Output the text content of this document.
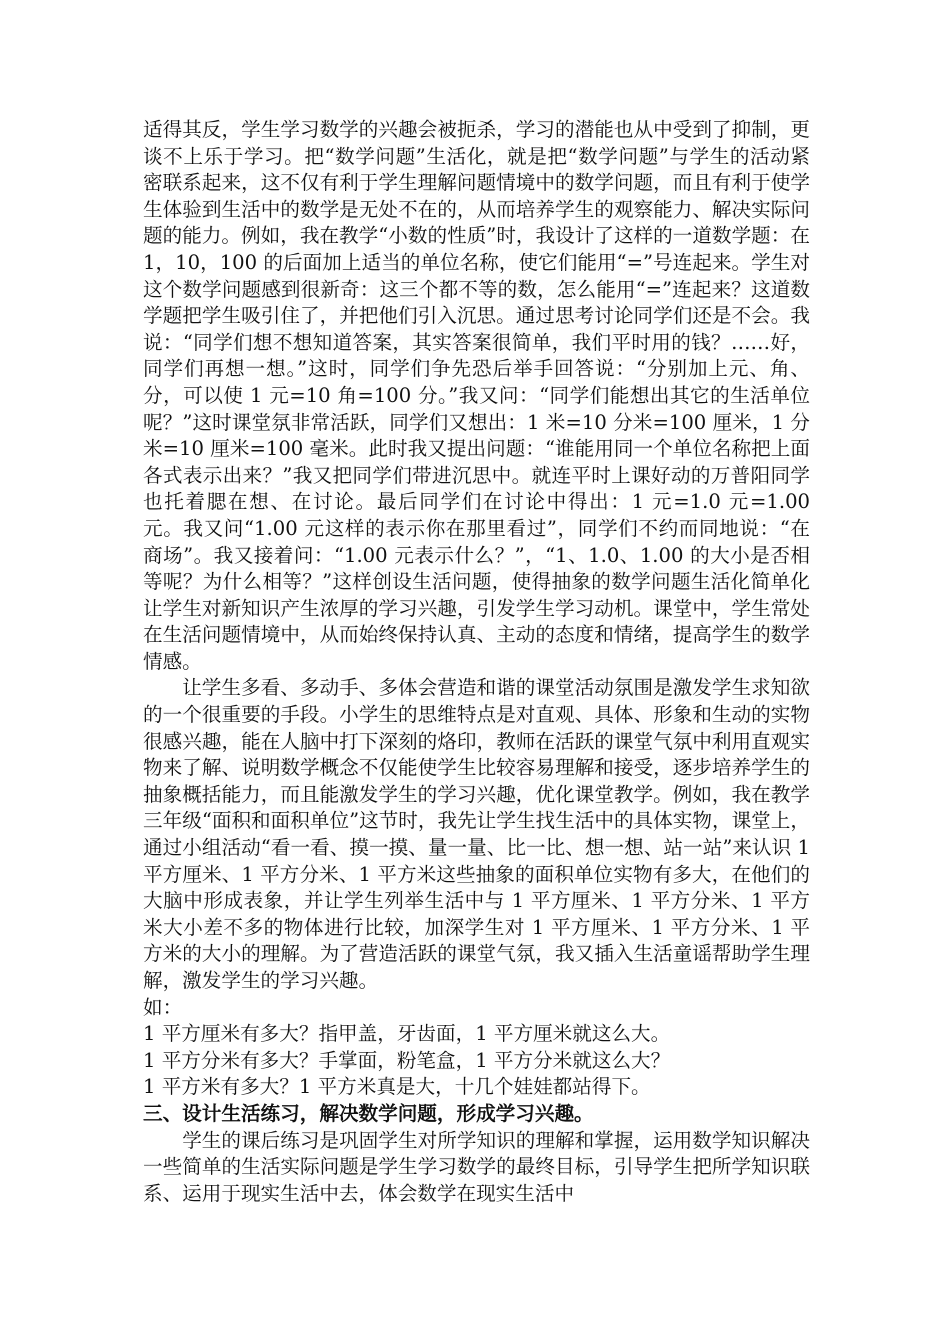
适得其反，学生学习数学的兴趣会被扼杀，学习的潜能也从中受到了抑制，更谈不上乐于学习。把“数学问题”生活化，就是把“数学问题”与学生的活动紧密联系起来，这不仅有利于学生理解问题情境中的数学问题，而且有利于使学生体验到生活中的数学是无处不在的，从而培养学生的观察能力、解决实际问题的能力。例如，我在教学“小数的性质”时，我设计了这样的一道数学题：在 1，10，100 的后面加上适当的单位名称，使它们能用“=”号连起来。学生对这个数学问题感到很新奇：这三个都不等的数，怎么能用“=”连起来？这道数学题把学生吸引住了，并把他们引入沉思。通过思考讨论同学们还是不会。我说：“同学们想不想知道答案，其实答案很简单，我们平时用的钱？……好，同学们再想一想。”这时，同学们争先恐后举手回答说：“分别加上元、角、分，可以使 1 元=10 角=100 分。”我又问：“同学们能想出其它的生活单位呢？”这时课堂氛非常活跃，同学们又想出：1 米=10 分米=100 厘米，1 分米=10 厘米=100 毫米。此时我又提出问题：“谁能用同一个单位名称把上面各式表示出来？”我又把同学们带进沉思中。就连平时上课好动的万普阳同学也托着腮在想、在讨论。最后同学们在讨论中得出：1 元=1.0 元=1.00 元。我又问“1.00 元这样的表示你在那里看过”，同学们不约而同地说：“在商场”。我又接着问：“1.00 元表示什么？”，“1、1.0、1.00 的大小是否相等呢？为什么相等？”这样创设生活问题，使得抽象的数学问题生活化简单化让学生对新知识产生浓厚的学习兴趣，引发学生学习动机。课堂中，学生常处在生活问题情境中，从而始终保持认真、主动的态度和情绪，提高学生的数学情感。

让学生多看、多动手、多体会营造和谐的课堂活动氛围是激发学生求知欲的一个很重要的手段。小学生的思维特点是对直观、具体、形象和生动的实物很感兴趣，能在人脑中打下深刻的烙印，教师在活跃的课堂气氛中利用直观实物来了解、说明数学概念不仅能使学生比较容易理解和接受，逐步培养学生的抽象概括能力，而且能激发学生的学习兴趣，优化课堂教学。例如，我在教学三年级“面积和面积单位”这节时，我先让学生找生活中的具体实物，课堂上，通过小组活动“看一看、摸一摸、量一量、比一比、想一想、站一站”来认识 1 平方厘米、1 平方分米、1 平方米这些抽象的面积单位实物有多大，在他们的大脑中形成表象，并让学生列举生活中与 1 平方厘米、1 平方分米、1 平方米大小差不多的物体进行比较，加深学生对 1 平方厘米、1 平方分米、1 平方米的大小的理解。为了营造活跃的课堂气氛，我又插入生活童谣帮助学生理解，激发学生的学习兴趣。

如：

1 平方厘米有多大？指甲盖，牙齿面，1 平方厘米就这么大。

1 平方分米有多大？手掌面，粉笔盒，1 平方分米就这么大？

1 平方米有多大？1 平方米真是大，十几个娃娃都站得下。

三、设计生活练习，解决数学问题，形成学习兴趣。

学生的课后练习是巩固学生对所学知识的理解和掌握，运用数学知识解决一些简单的生活实际问题是学生学习数学的最终目标，引导学生把所学知识联系、运用于现实生活中去，体会数学在现实生活中
